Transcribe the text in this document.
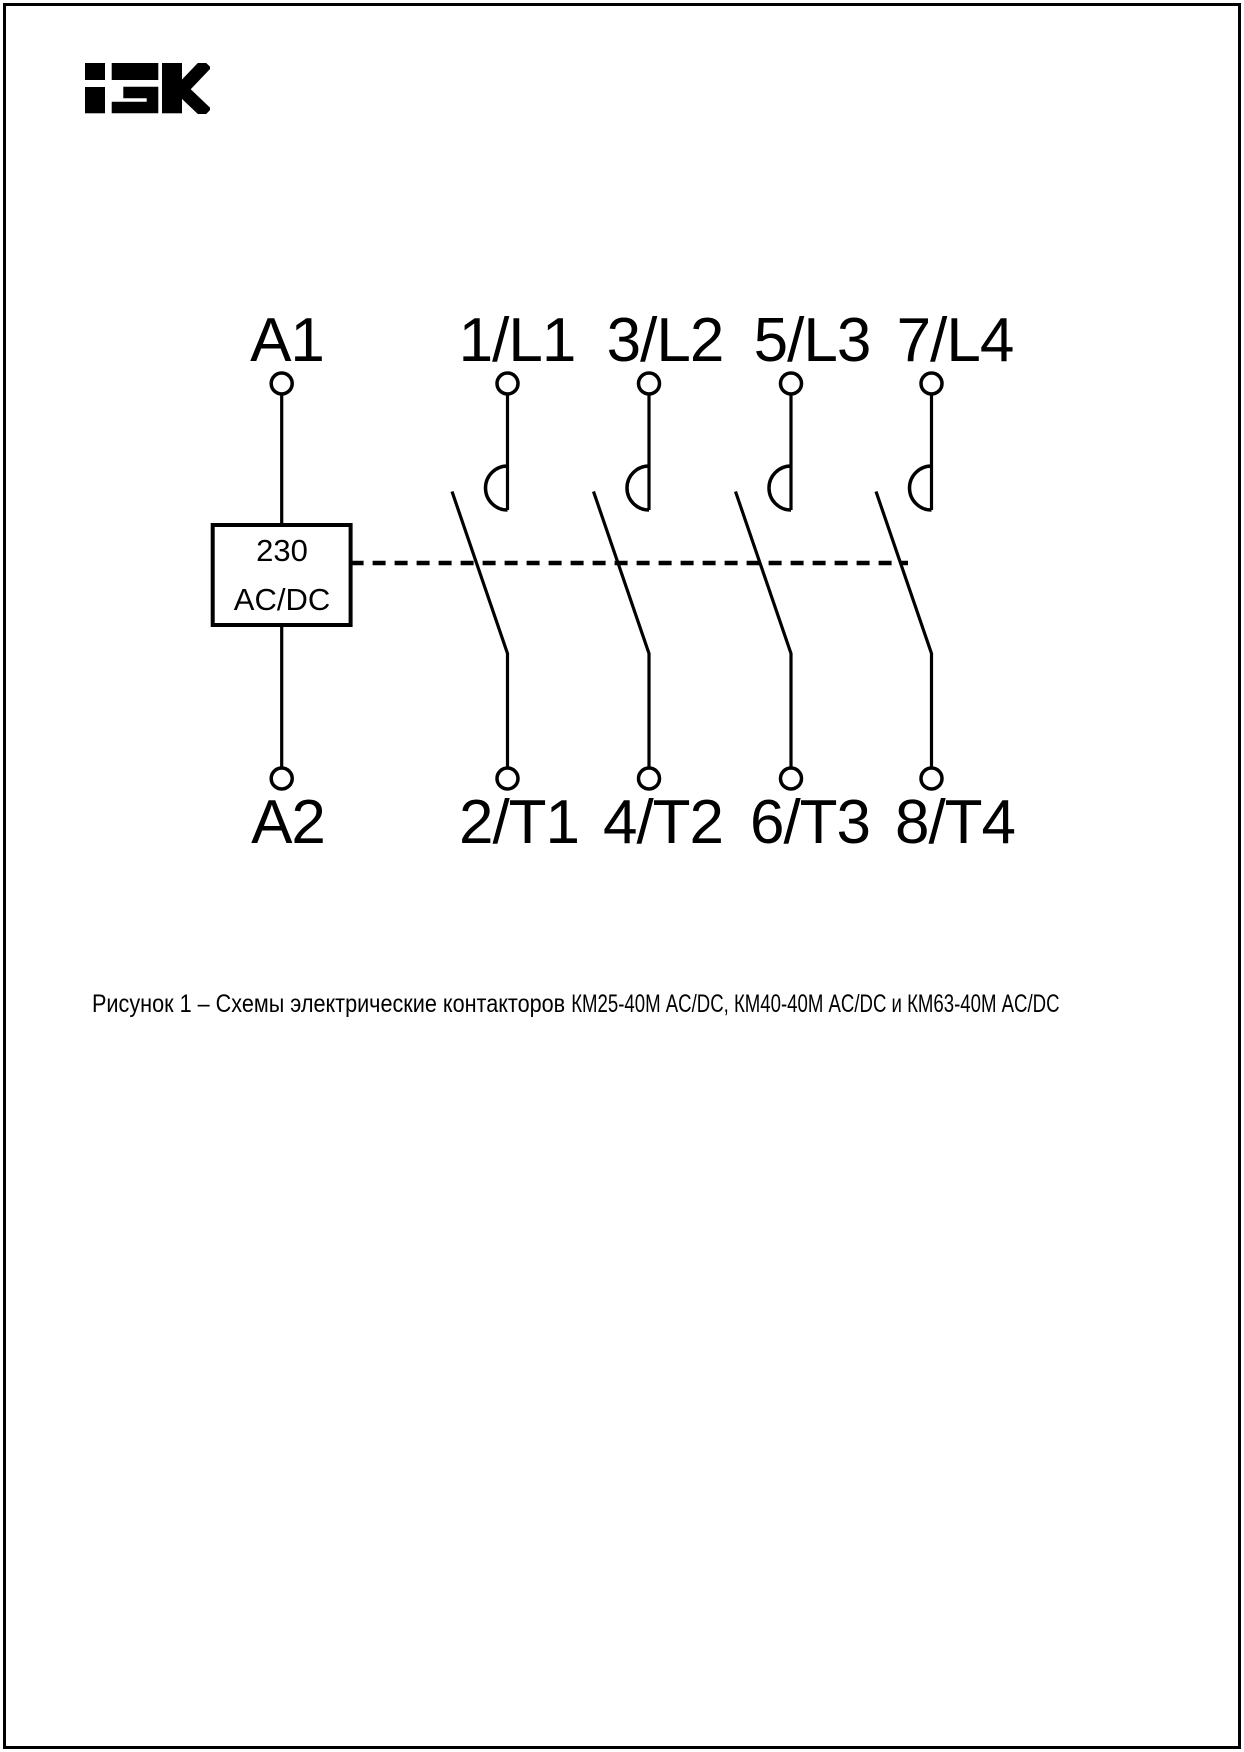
A1 1/L1 3/L2 5/L3 7/L4
A2 2/T1 4/T2 6/T3 8/T4
230
AC/DC
Рисунок 1 – Схемы электрические контакторов КМ25-40М AC/DC, КМ40-40М AC/DC и КМ63-40М AC/DC
